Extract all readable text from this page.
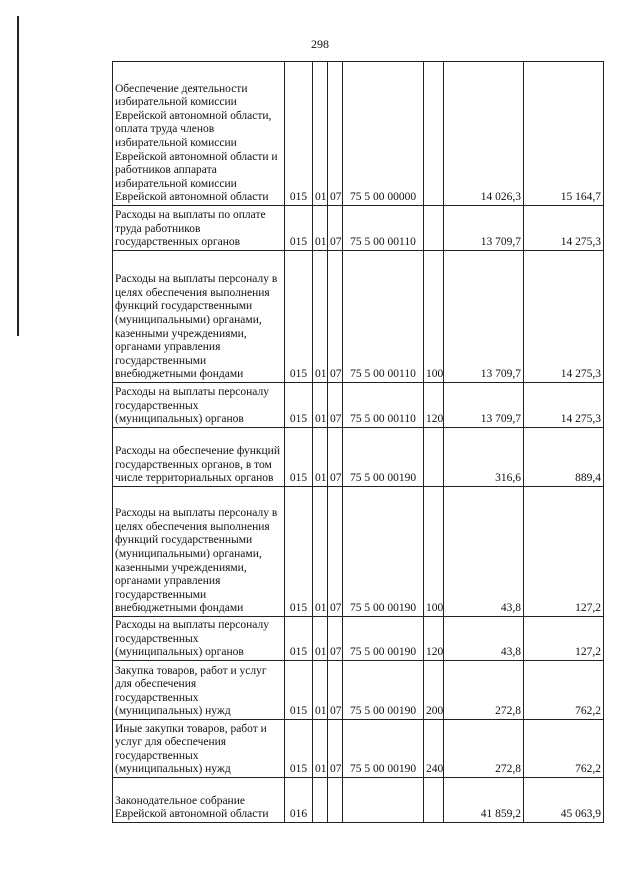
298
Обеспечение деятельности избирательной комиссии Еврейской автономной области, оплата труда членов избирательной комиссии Еврейской автономной области и работников аппарата избирательной комиссии Еврейской автономной области	015	01	07	75 5 00 00000		14 026,3	15 164,7
Расходы на выплаты по оплате труда работников государственных органов	015	01	07	75 5 00 00110		13 709,7	14 275,3
Расходы на выплаты персоналу в целях обеспечения выполнения функций государственными (муниципальными) органами, казенными учреждениями, органами управления государственными внебюджетными фондами	015	01	07	75 5 00 00110	100	13 709,7	14 275,3
Расходы на выплаты персоналу государственных (муниципальных) органов	015	01	07	75 5 00 00110	120	13 709,7	14 275,3
Расходы на обеспечение функций государственных органов, в том числе территориальных органов	015	01	07	75 5 00 00190		316,6	889,4
Расходы на выплаты персоналу в целях обеспечения выполнения функций государственными (муниципальными) органами, казенными учреждениями, органами управления государственными внебюджетными фондами	015	01	07	75 5 00 00190	100	43,8	127,2
Расходы на выплаты персоналу государственных (муниципальных) органов	015	01	07	75 5 00 00190	120	43,8	127,2
Закупка товаров, работ и услуг для обеспечения государственных (муниципальных) нужд	015	01	07	75 5 00 00190	200	272,8	762,2
Иные закупки товаров, работ и услуг для обеспечения государственных (муниципальных) нужд	015	01	07	75 5 00 00190	240	272,8	762,2
Законодательное собрание Еврейской автономной области	016					41 859,2	45 063,9
